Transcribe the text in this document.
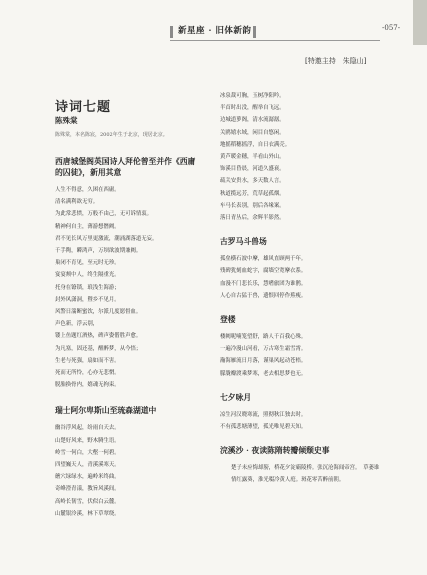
新星座 · 旧体新韵	-057-
[特邀主持　朱隐山]
诗词七题
陈殊棠
陈殊棠，本名陈宸，2002年生于北京，现居北京。
西唐城堡阁英国诗人拜伦曾至并作《西庸的囚徒》，新用其意
人生不得意，久困在西庸。
清名满利欲无穷。
为此常悲愤，万般不由己，无可诉情衷。
精神何自主，薄游想僭阙。
君不见长风万里更激流，潮涌湖落道无妄。
千手陶，瞬鸿声，万坝欲波期兼阙。
巢闭不育见，至元时无珍。
宴宴颊中人，终生隔重光。
托身在镣锁，琅浅生海游；
封外风潇洞，暨乡不见月。
风警日湍断蜜饮，尔派几度愿督血。
声色新，浮云别，
镂上鱼题红酒热，碑声姿偕胜声愈。
为凡塞，固还基，醒醉梦，从今悟；
生老与死强，扇如而不害。
死而无所怜，心亦无悲惘。
脱胎换骨内，嬉魂无拘束。
瑞士阿尔卑斯山至琉森湖道中
幽谷浮风起，纷雨自天去。
山楚好风来，野木腾生语。
岭雪一何白，大壑一何碧。
四望巍天人，青溪溪寒天。
蘑穴绿绿水，遍岭米终曲。
奇峰澄青漾，教旨风溪间。
高岭长韧雪，伏似白云麓。
山麓银泠溪，林下草翠绕。
冰泉裁可胸，玉树净阳吟。
半首时出没，醒举自飞远。
边城道萝阁，清水流潺潺。
关鸥嬉水域，闲目自悠闲。
地摇稻穗摇浮，自日衣满壳。
黄芦暖金穗，半看山外山。
饰溪目昏晨，河道久盛衰。
疏关安贵水，多天数人言。
秋道揽远芳，荒草起孤烟。
车马长表别，别后各缘案。
落日青丛后，余辉半影然。
古罗马斗兽场
孤垒横石波中摩，雄风直顾两千年。
残碑犹刻血蛇字，腐墙空宽摩衣系。
血漫不门悲长乐，慧嗜旅团为谁鹊。
人心自古猛于兽，遗恨回停作蕉瘦。
登楼
楼阙呢喃笼望舒，路人千百我心殊。
一遍冷漫山河看，万古寒生霜雪霄。
瀚海雁流日月落，谨巢风起动苍梧。
朦胧瓣渡乘梦寒，老去相思梦也无。
七夕咏月
凉生河汉晓寒流，照彻秋江独去时。
不有孤悲塘薄望，孤光唯见碧天知。
浣溪沙 · 夜读陈隋转瓣倾颓史事
楚子未应悔却膀，桥花夕淀霸陵桥。张沉沧海闻帝宫。　草萎谁情红露葵，淮光啜冷黄人庭。斑花零苦醉前朝。
